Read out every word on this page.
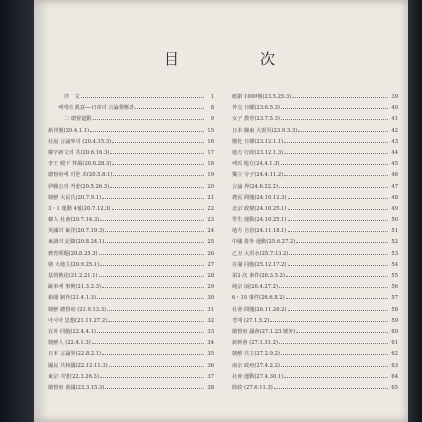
目	次
序　文	1
해제의 眞意──日帝의 言論彈壓과	8
二 總督道動	9
新刊號(20.4.1.1)	15
社說 言論界의 (20.4.15.3)	16
韓字新文의 共(20.6.16.3)	17
李王 殿下 拜謁(20.6.28.3)	18
總督府에 의한 조(20.5.8.1)	19
伊藤公의 저술(20.5.26.3)	20
朝鮮 大民氏(20.7.9.1)	21
3・1 運動 4월(20.7.12.3)	22
韓人 社會(20.7.14.3)	23
英國의 東洋(20.7.19.3)	24
東讀의 記錄(20.8.24.1)	25
敎育問題(20.8.25.3)	26
朝 大地主(20.9.25.1)	27
基督敎徒(21.2.21.1)	28
歐米에 事實(21.3.2.3)	29
新聞 制作(21.4.1.3)	30
朝鮮 總督府 (21.9.13.3)	31
아시아 思想(21.11.27.2)	32
在外 同胞(22.4.4.1)	33
朝鮮人 (22.4.1.3)	34
日本 言論界(22.8.2.1)	35
國民 共和國(22.12.11.3)	36
東京 지방(22.3.26.3)	37
總督府 會議(23.3.15.3)	38
紙齡 1000號(23.5.25.3)	39
外交 日曜(23.6.5.3)	40
女子 教育(23.7.5.3)	41
日本 關東 大震災(23.9.3.3)	42
變化 日韓(23.12.1.1)	43
地方 行政(23.12.1.3)	44
해외 地方(24.4.1.3)	45
獨立 分子(24.4.11.2)	46
言論 界(24.6.22.2)	47
農民 問題(24.10.12.3)	48
北京 政變(24.10.25.1)	49
學生 運動(24.10.25.1)	50
地方 自治(24.11.18.1)	51
中國 排外 運動(25.6.27.2)	52
乙丑 大洪水(25.7.13.2)	53
在滿 同胞(25.12.17.2)	54
第2 次 事件(26.3.5.2)	55
純宗 崩(26.4.27.2)	56
6・10 事件(26.6.8.2)	57
社會 問題(26.11.26.2)	58
경제 (27.1.5.2)	59
總督府 議會(27.1.23.號外)	60
新幹會 (27.1.31.2)	61
朝鮮 共主(27.2.9.2)	62
南京 政府(27.4.2.2)	63
社會 運動(27.4.30.1)	64
財政 (27.6.11.3)	65
